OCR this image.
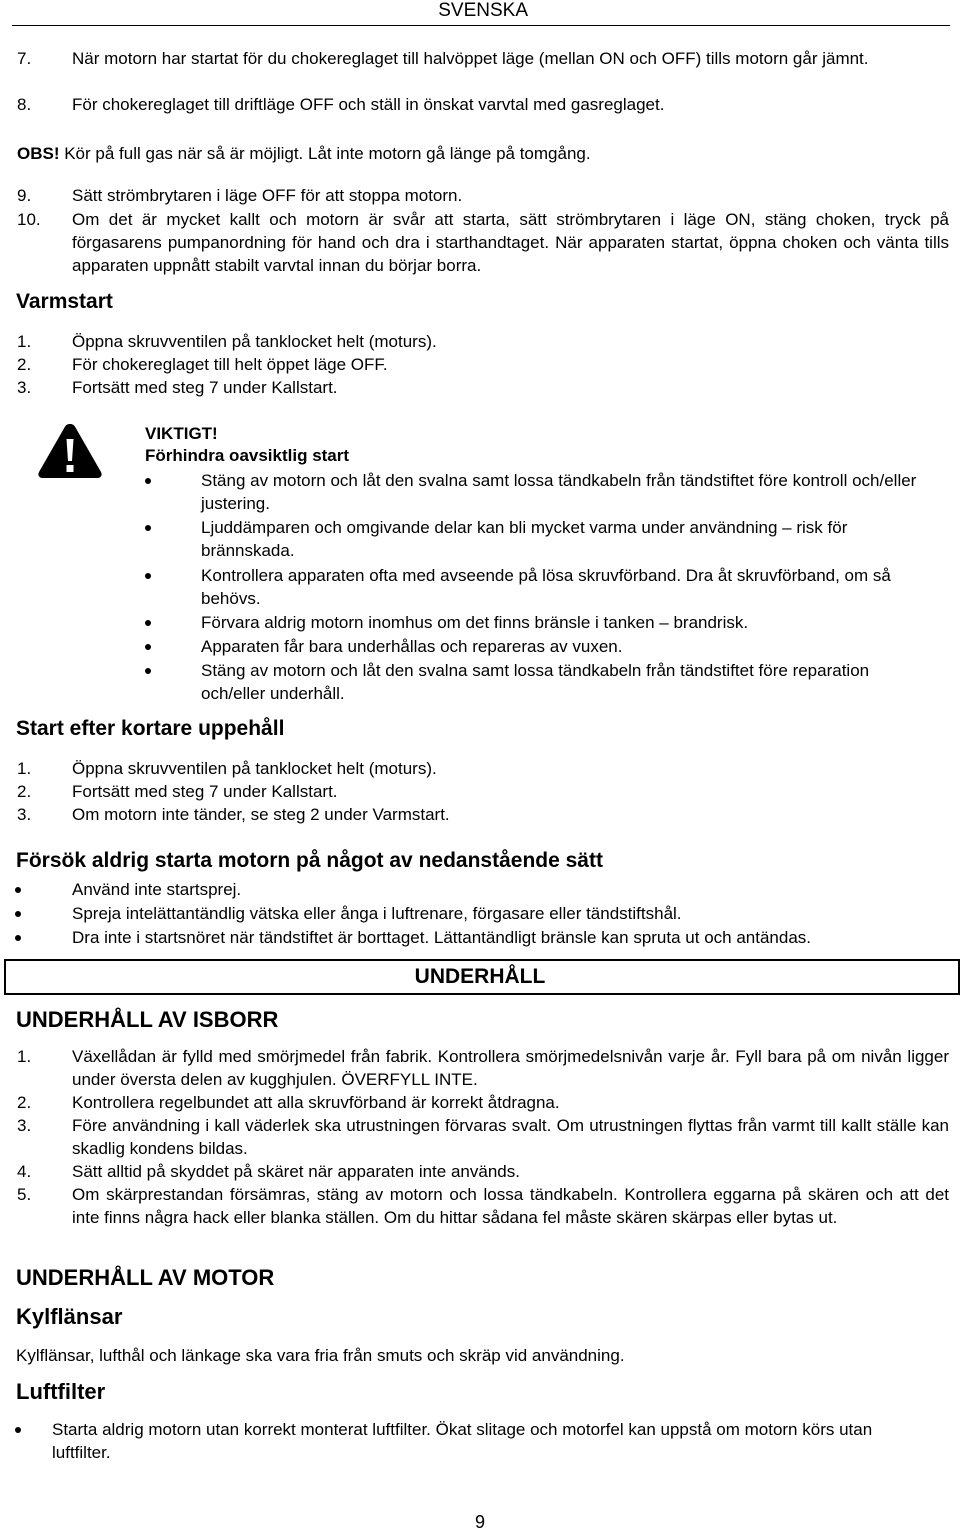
SVENSKA
7. När motorn har startat för du chokereglaget till halvöppet läge (mellan ON och OFF) tills motorn går jämnt.
8. För chokereglaget till driftläge OFF och ställ in önskat varvtal med gasreglaget.
OBS! Kör på full gas när så är möjligt. Låt inte motorn gå länge på tomgång.
9. Sätt strömbrytaren i läge OFF för att stoppa motorn.
10. Om det är mycket kallt och motorn är svår att starta, sätt strömbrytaren i läge ON, stäng choken, tryck på förgasarens pumpanordning för hand och dra i starthandtaget. När apparaten startat, öppna choken och vänta tills apparaten uppnått stabilt varvtal innan du börjar borra.
Varmstart
1. Öppna skruvventilen på tanklocket helt (moturs).
2. För chokereglaget till helt öppet läge OFF.
3. Fortsätt med steg 7 under Kallstart.
VIKTIGT!
Förhindra oavsiktlig start
Stäng av motorn och låt den svalna samt lossa tändkabeln från tändstiftet före kontroll och/eller justering.
Ljuddämparen och omgivande delar kan bli mycket varma under användning – risk för brännskada.
Kontrollera apparaten ofta med avseende på lösa skruvförband. Dra åt skruvförband, om så behövs.
Förvara aldrig motorn inomhus om det finns bränsle i tanken – brandrisk.
Apparaten får bara underhållas och repareras av vuxen.
Stäng av motorn och låt den svalna samt lossa tändkabeln från tändstiftet före reparation och/eller underhåll.
Start efter kortare uppehåll
1. Öppna skruvventilen på tanklocket helt (moturs).
2. Fortsätt med steg 7 under Kallstart.
3. Om motorn inte tänder, se steg 2 under Varmstart.
Försök aldrig starta motorn på något av nedanstående sätt
Använd inte startsprej.
Spreja intelättantändlig vätska eller ånga i luftrenare, förgasare eller tändstiftshål.
Dra inte i startsnöret när tändstiftet är borttaget. Lättantändligt bränsle kan spruta ut och antändas.
UNDERHÅLL
UNDERHÅLL AV ISBORR
1. Växellådan är fylld med smörjmedel från fabrik. Kontrollera smörjmedelsnivån varje år. Fyll bara på om nivån ligger under översta delen av kugghjulen. ÖVERFYLL INTE.
2. Kontrollera regelbundet att alla skruvförband är korrekt åtdragna.
3. Före användning i kall väderlek ska utrustningen förvaras svalt. Om utrustningen flyttas från varmt till kallt ställe kan skadlig kondens bildas.
4. Sätt alltid på skyddet på skäret när apparaten inte används.
5. Om skärprestandan försämras, stäng av motorn och lossa tändkabeln. Kontrollera eggarna på skären och att det inte finns några hack eller blanka ställen. Om du hittar sådana fel måste skären skärpas eller bytas ut.
UNDERHÅLL AV MOTOR
Kylflänsar
Kylflänsar, lufthål och länkage ska vara fria från smuts och skräp vid användning.
Luftfilter
Starta aldrig motorn utan korrekt monterat luftfilter. Ökat slitage och motorfel kan uppstå om motorn körs utan luftfilter.
9
